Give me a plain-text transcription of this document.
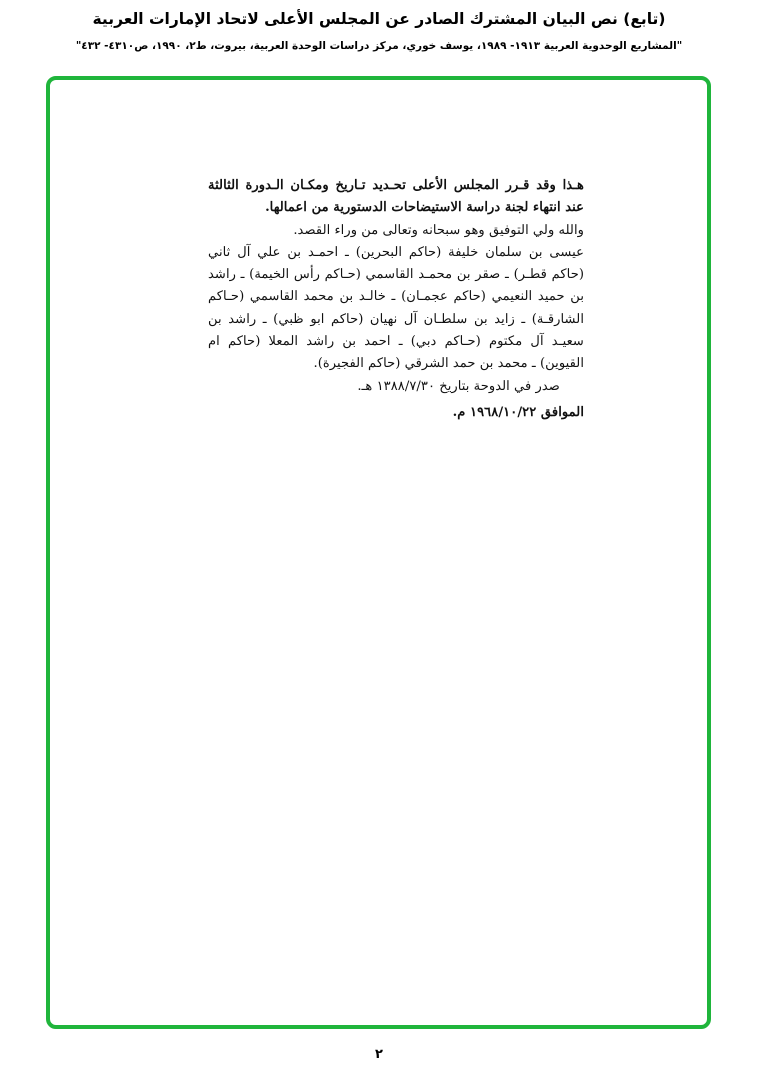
(تابع) نص البيان المشترك الصادر عن المجلس الأعلى لاتحاد الإمارات العربية
"المشاريع الوحدوية العربية ١٩١٣- ١٩٨٩، يوسف خوري، مركز دراسات الوحدة العربية، بيروت، ط٢، ١٩٩٠، ص٤٣١٠- ٤٣٢"

هـذا وقد قـرر المجلس الأعلى تحـديد تـاريخ ومكـان الـدورة الثالثة عند انتهاء لجنة دراسة الاستيضاحات الدستورية من اعمالها.

والله ولي التوفيق وهو سبحانه وتعالى من وراء القصد.

عيسى بن سلمان خليفة (حاكم البحرين) ـ احمـد بن علي آل ثاني (حاكم قطـر) ـ صقر بن محمـد القاسمي (حـاكم رأس الخيمة) ـ راشد بن حميد النعيمي (حاكم عجمـان) ـ خالـد بن محمد القاسمي (حـاكم الشارقـة) ـ زايد بن سلطـان آل نهيان (حاكم ابو ظبي) ـ راشد بن سعيـد آل مكتوم (حـاكم دبي) ـ احمد بن راشد المعلا (حاكم ام القيوين) ـ محمد بن حمد الشرقي (حاكم الفجيرة).

صدر في الدوحة بتاريخ ١٣٨٨/٧/٣٠ هـ.

الموافق ١٩٦٨/١٠/٢٢ م.

٢
